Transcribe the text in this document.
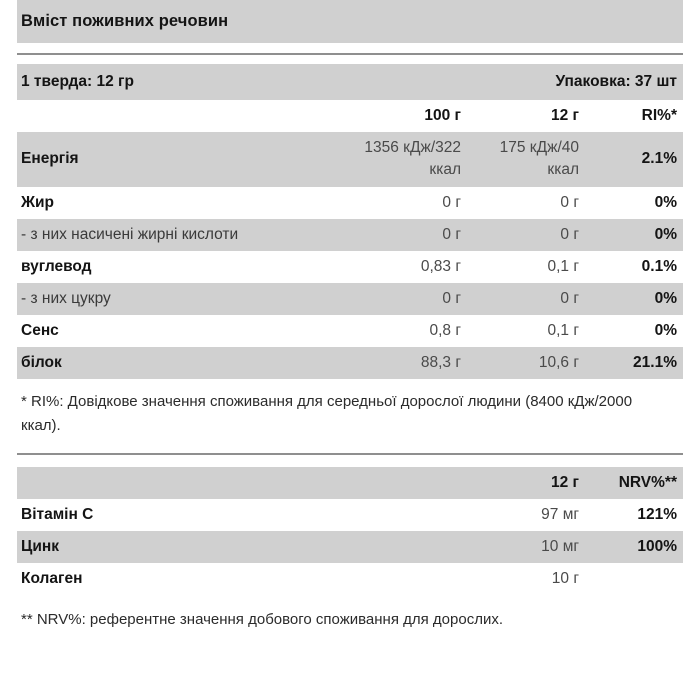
Вміст поживних речовин
1 тверда: 12 гр	Упаковка: 37 шт
	100 г	12 г	RI%*
Енергія	1356 кДж/322 ккал	175 кДж/40 ккал	2.1%
Жир	0 г	0 г	0%
- з них насичені жирні кислоти	0 г	0 г	0%
вуглевод	0,83 г	0,1 г	0.1%
- з них цукру	0 г	0 г	0%
Сенс	0,8 г	0,1 г	0%
білок	88,3 г	10,6 г	21.1%
* RI%: Довідкове значення споживання для середньої дорослої людини (8400 кДж/2000 ккал).
	12 г	NRV%**
Вітамін С	97 мг	121%
Цинк	10 мг	100%
Колаген	10 г	
** NRV%: референтне значення добового споживання для дорослих.
